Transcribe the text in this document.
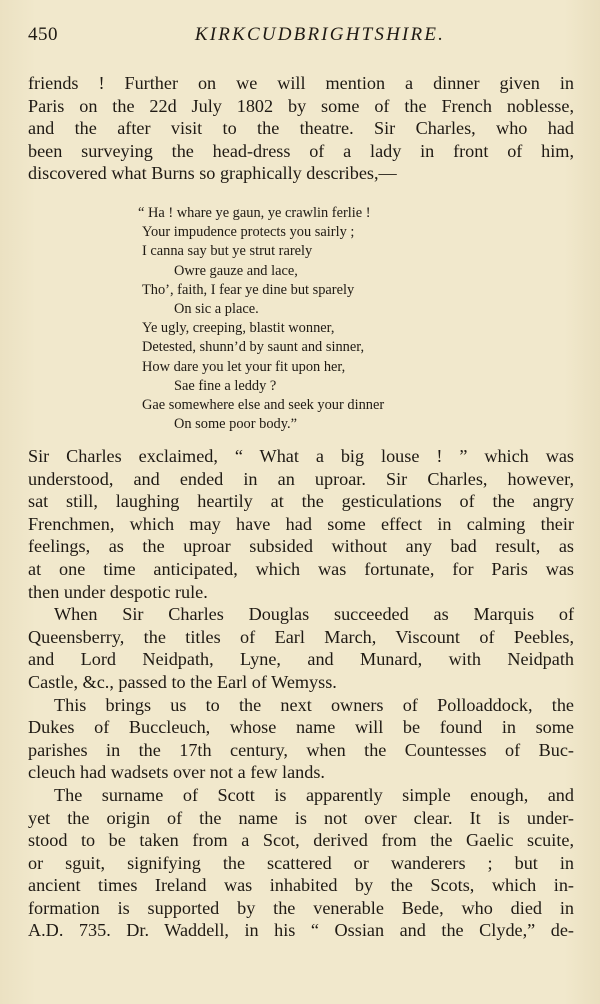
450	KIRKCUDBRIGHTSHIRE.
friends ! Further on we will mention a dinner given in
Paris on the 22d July 1802 by some of the French noblesse,
and the after visit to the theatre. Sir Charles, who had
been surveying the head-dress of a lady in front of him,
discovered what Burns so graphically describes,—
“ Ha ! whare ye gaun, ye crawlin ferlie !
Your impudence protects you sairly ;
I canna say but ye strut rarely
Owre gauze and lace,
Tho’, faith, I fear ye dine but sparely
On sic a place.
Ye ugly, creeping, blastit wonner,
Detested, shunn’d by saunt and sinner,
How dare you let your fit upon her,
Sae fine a leddy ?
Gae somewhere else and seek your dinner
On some poor body.”
Sir Charles exclaimed, “ What a big louse ! ” which was
understood, and ended in an uproar. Sir Charles, however,
sat still, laughing heartily at the gesticulations of the angry
Frenchmen, which may have had some effect in calming their
feelings, as the uproar subsided without any bad result, as
at one time anticipated, which was fortunate, for Paris was
then under despotic rule.
When Sir Charles Douglas succeeded as Marquis of
Queensberry, the titles of Earl March, Viscount of Peebles,
and Lord Neidpath, Lyne, and Munard, with Neidpath
Castle, &c., passed to the Earl of Wemyss.
This brings us to the next owners of Polloaddock, the
Dukes of Buccleuch, whose name will be found in some
parishes in the 17th century, when the Countesses of Buc-
cleuch had wadsets over not a few lands.
The surname of Scott is apparently simple enough, and
yet the origin of the name is not over clear. It is under-
stood to be taken from a Scot, derived from the Gaelic scuite,
or sguit, signifying the scattered or wanderers ; but in
ancient times Ireland was inhabited by the Scots, which in-
formation is supported by the venerable Bede, who died in
A.D. 735. Dr. Waddell, in his “ Ossian and the Clyde,” de-
